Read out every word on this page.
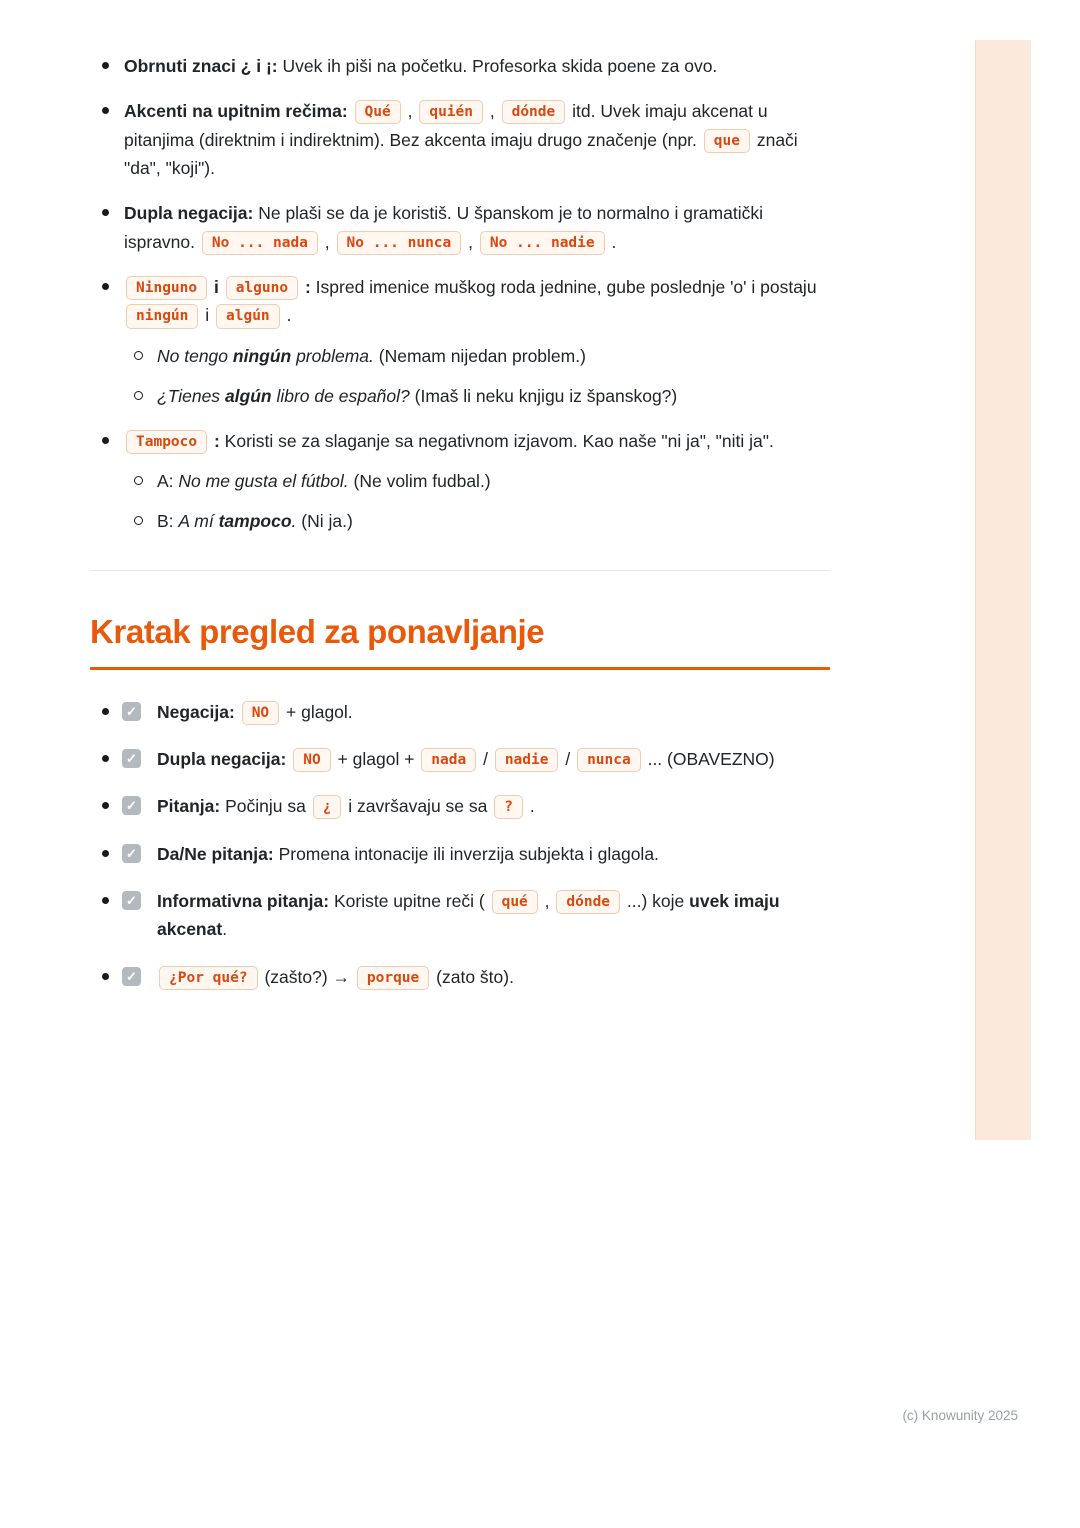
Obrnuti znaci ¿ i ¡: Uvek ih piši na početku. Profesorka skida poene za ovo.
Akcenti na upitnim rečima: Qué , quién , dónde itd. Uvek imaju akcenat u pitanjima (direktnim i indirektnim). Bez akcenta imaju drugo značenje (npr. que znači "da", "koji").
Dupla negacija: Ne plaši se da je koristiš. U španskom je to normalno i gramatički ispravno. No ... nada , No ... nunca , No ... nadie .
Ninguno i alguno : Ispred imenice muškog roda jednine, gube poslednje 'o' i postaju ningún i algún .
No tengo ningún problema. (Nemam nijedan problem.)
¿Tienes algún libro de español? (Imaš li neku knjigu iz španskog?)
Tampoco : Koristi se za slaganje sa negativnom izjavom. Kao naše "ni ja", "niti ja".
A: No me gusta el fútbol. (Ne volim fudbal.)
B: A mí tampoco. (Ni ja.)
Kratak pregled za ponavljanje
✓ Negacija: NO + glagol.
✓ Dupla negacija: NO + glagol + nada / nadie / nunca ... (OBAVEZNO)
✓ Pitanja: Počinju sa ¿ i završavaju se sa ? .
✓ Da/Ne pitanja: Promena intonacije ili inverzija subjekta i glagola.
✓ Informativna pitanja: Koriste upitne reči ( qué , dónde ...) koje uvek imaju akcenat.
✓ ¿Por qué? (zašto?) → porque (zato što).
(c) Knowunity 2025
